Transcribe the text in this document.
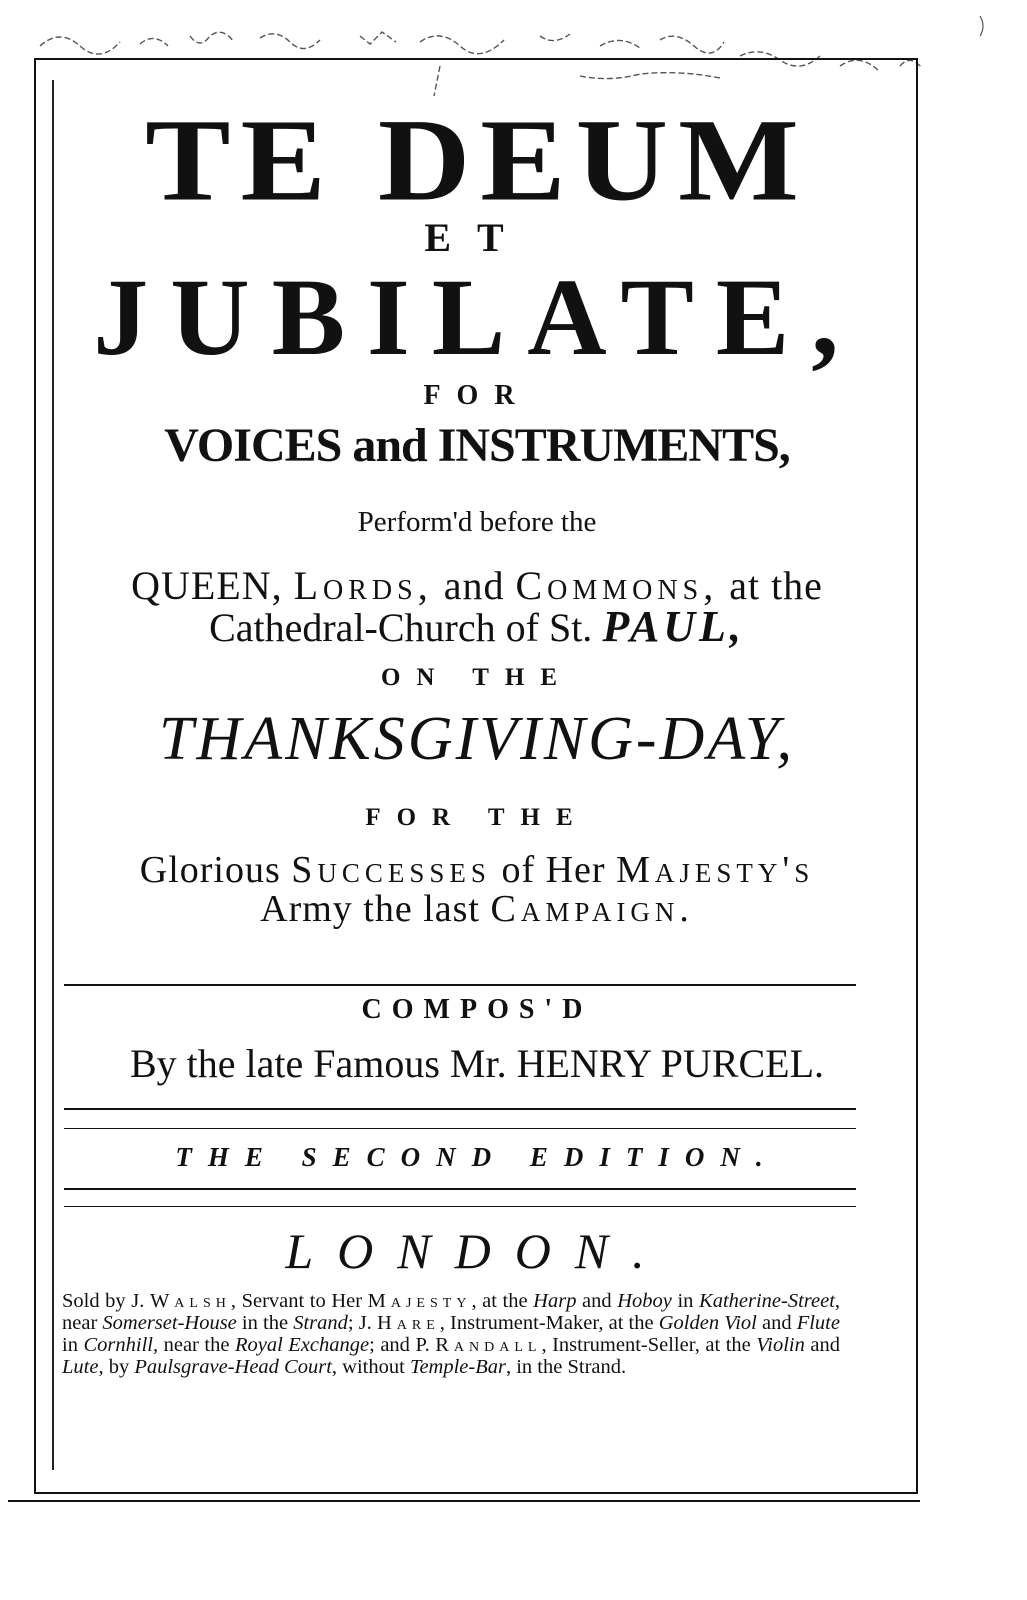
TE DEUM
ET
JUBILATE,
FOR
VOICES and INSTRUMENTS,
Perform'd before the
QUEEN, Lords, and Commons, at the
Cathedral-Church of St. PAUL,
ON THE
THANKSGIVING-DAY,
FOR THE
Glorious Successes of Her Majesty's
Army the last Campaign.
COMPOS'D
By the late Famous Mr. HENRY PURCEL.
THE SECOND EDITION.
LONDON.
Sold by J. Walsh, Servant to Her Majesty, at the Harp and Hoboy in Katherine-Street, near Somerset-House in the Strand; J. Hare, Instrument-Maker, at the Golden Viol and Flute in Cornhill, near the Royal Exchange; and P. Randall, Instrument-Seller, at the Violin and Lute, by Paulsgrave-Head Court, without Temple-Bar, in the Strand.
